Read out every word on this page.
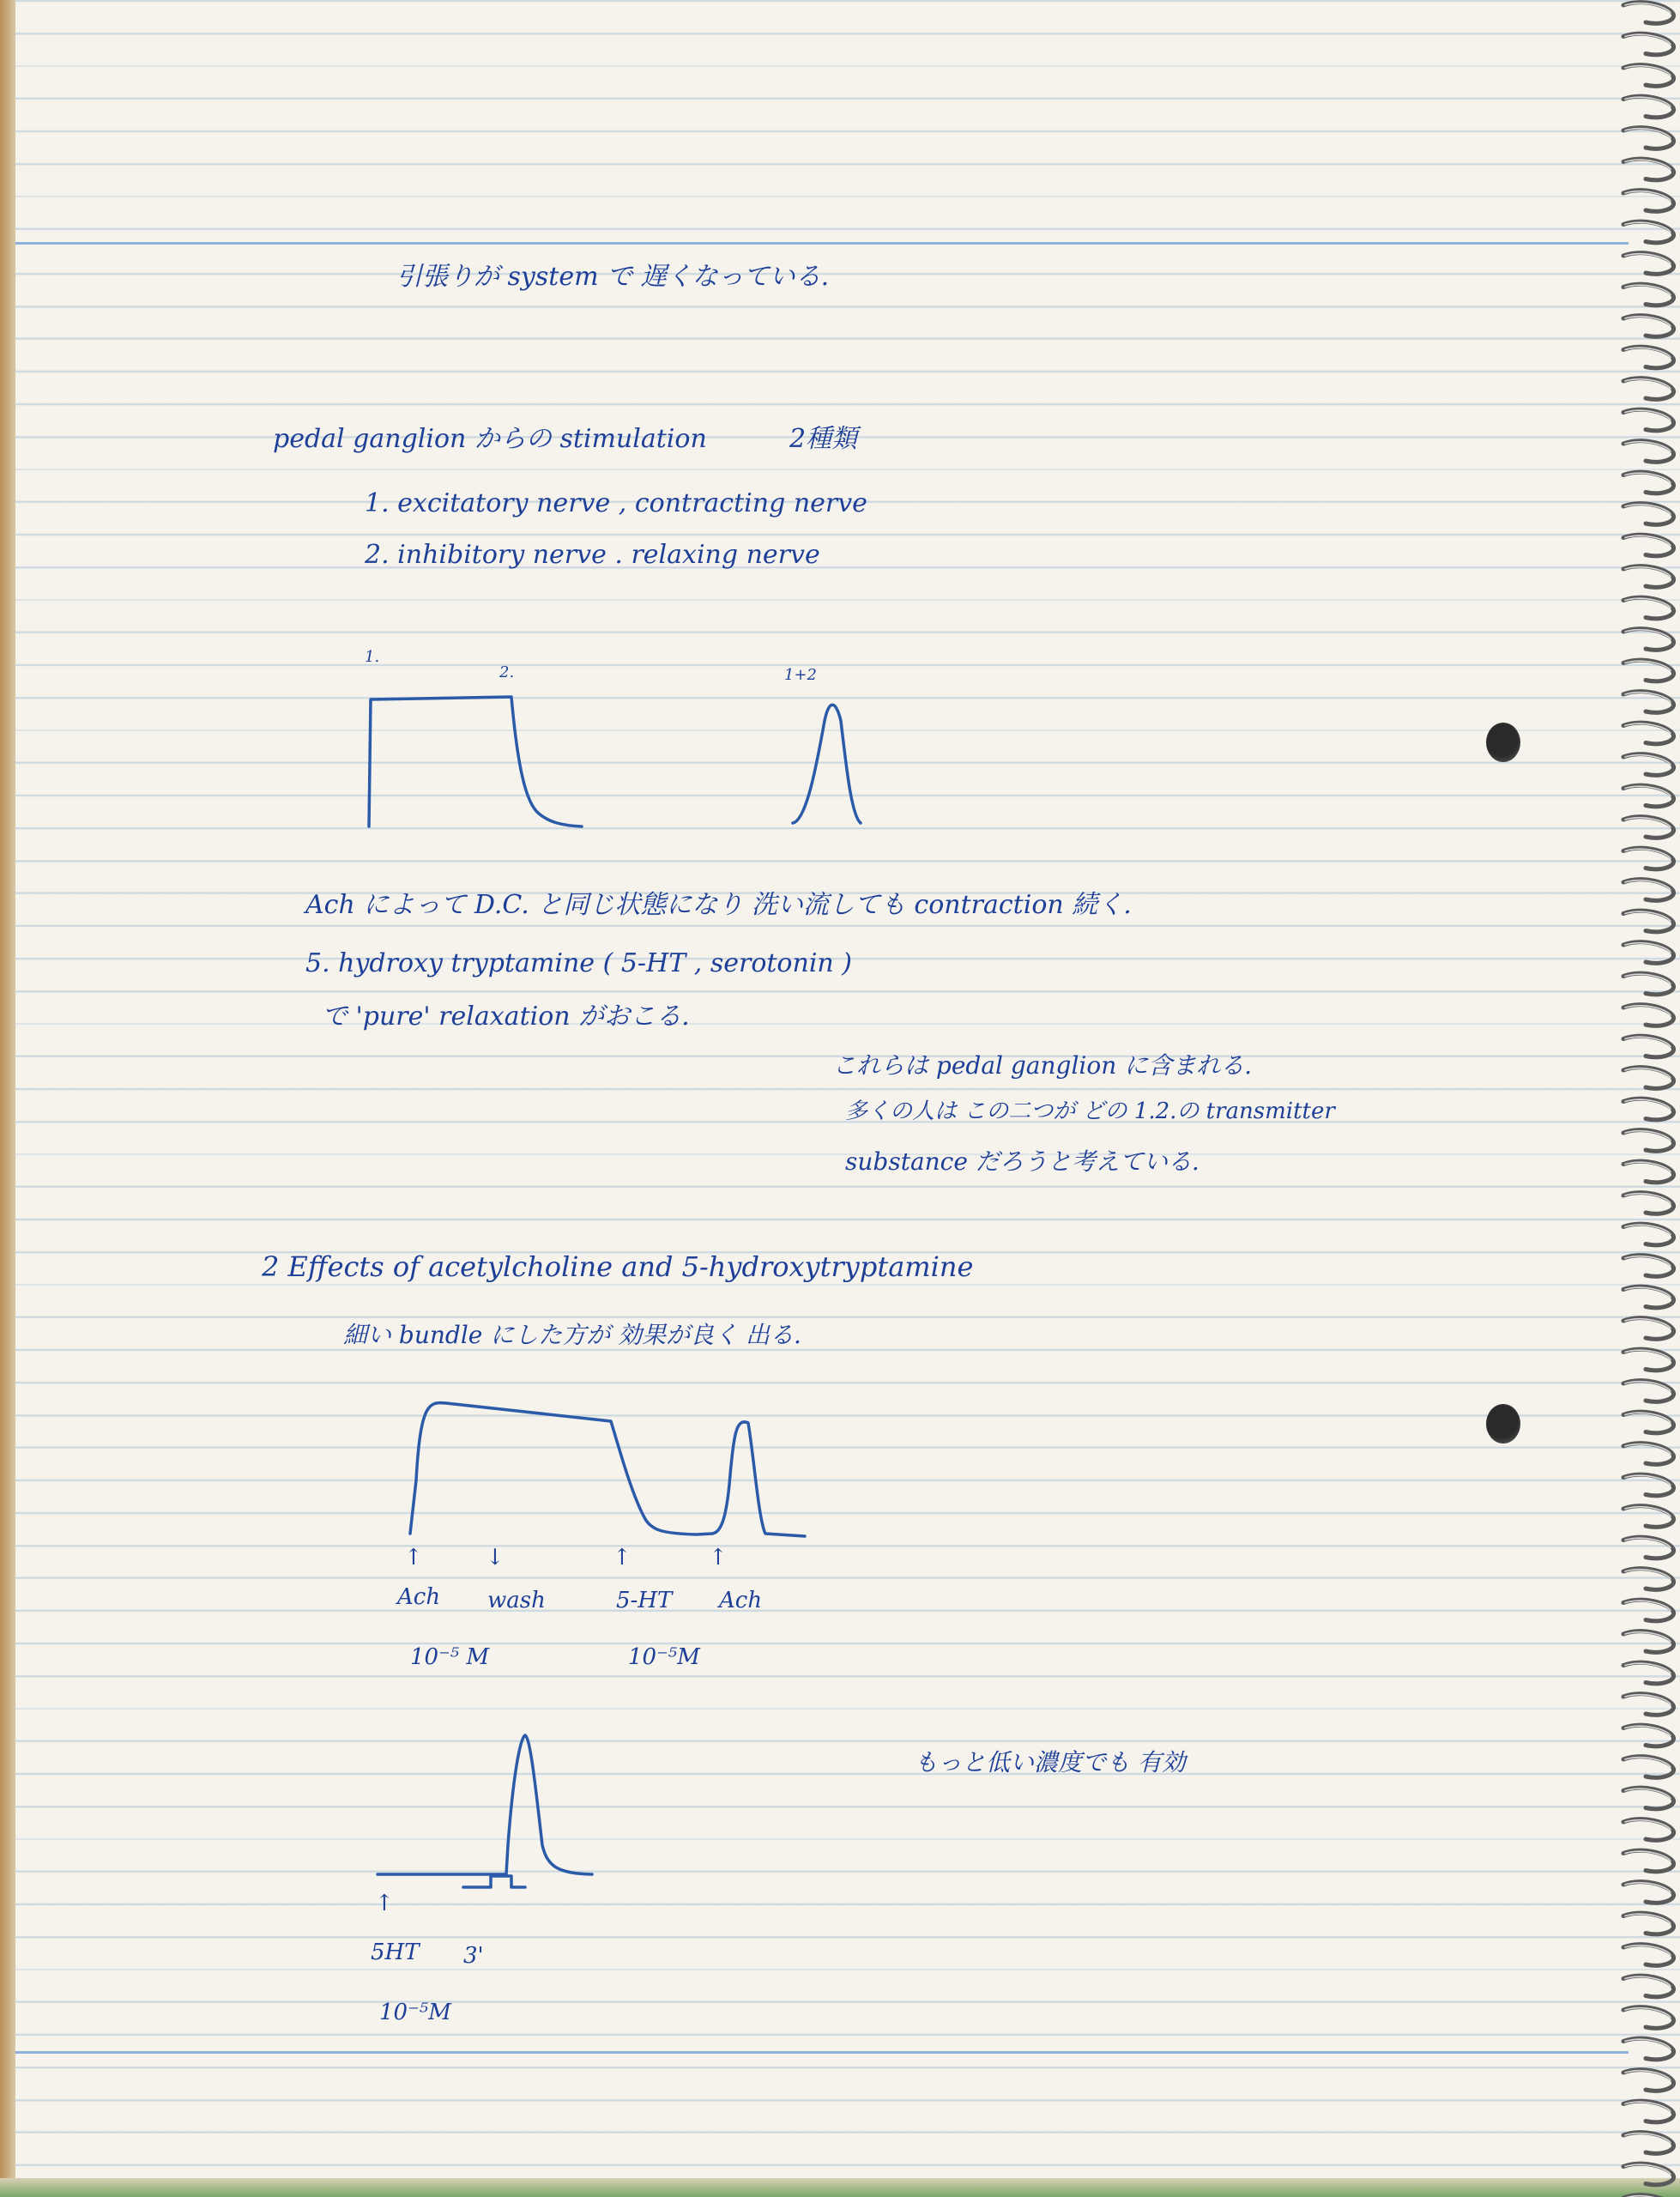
引張りが system で 遅くなっている.
pedal ganglion からの stimulation	2種類
1. excitatory nerve , contracting nerve
2. inhibitory nerve . relaxing nerve
1.
2.	1+2
Ach によって D.C. と同じ状態になり 洗い流しても contraction 続く.
5. hydroxy tryptamine ( 5-HT , serotonin )
で 'pure' relaxation がおこる.
これらは pedal ganglion に含まれる.
多くの人は この二つが どの 1.2.の transmitter
substance だろうと考えている.
2 Effects of acetylcholine and 5-hydroxytryptamine
細い bundle にした方が 効果が良く 出る.
↑	↓	↑	↑
Ach wash	5-HT Ach
10⁻⁵ M	10⁻⁵M
↑
5HT 3'
10⁻⁵M
もっと低い濃度でも 有効
